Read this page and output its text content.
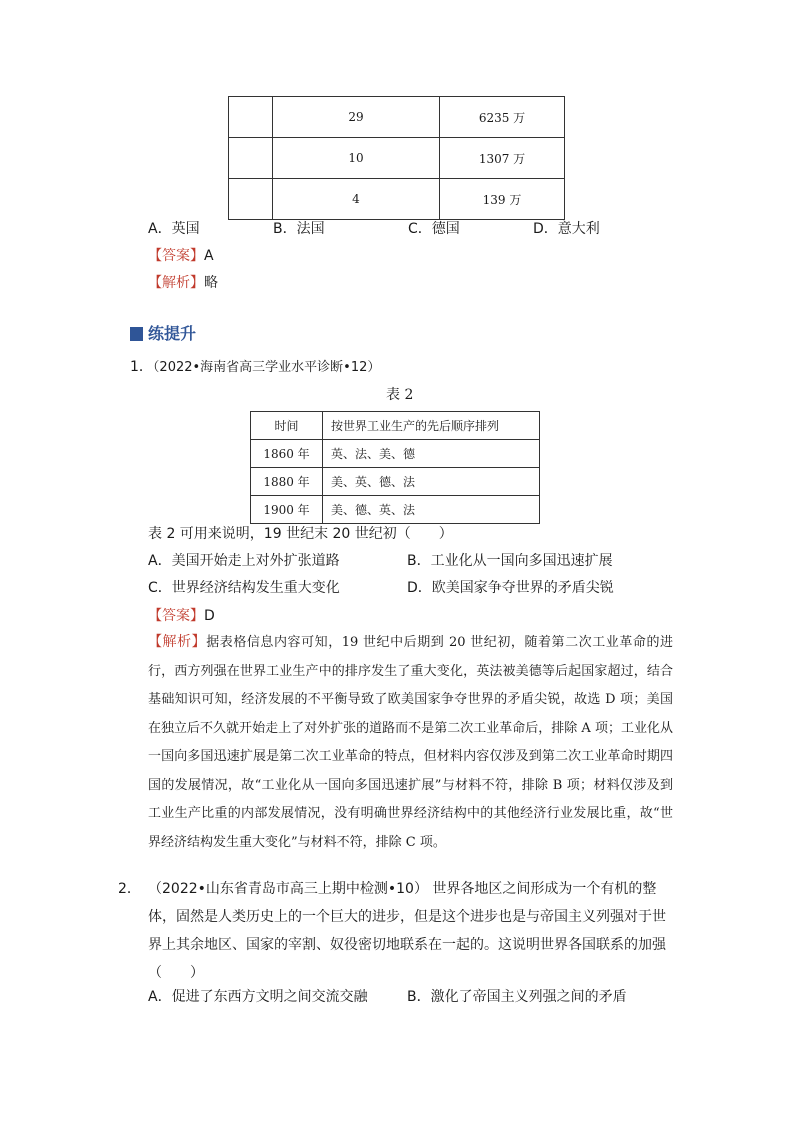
	29	6235 万
	10	1307 万
	4	139 万
A．英国	B．法国	C．德国	D．意大利
【答案】A
【解析】略
练提升
1．（2022•海南省高三学业水平诊断•12）
表 2
时间	按世界工业生产的先后顺序排列
1860 年	英、法、美、德
1880 年	美、英、德、法
1900 年	美、德、英、法
表 2 可用来说明，19 世纪末 20 世纪初（　　）
A．美国开始走上对外扩张道路	B．工业化从一国向多国迅速扩展
C．世界经济结构发生重大变化	D．欧美国家争夺世界的矛盾尖锐
【答案】D
【解析】据表格信息内容可知，19 世纪中后期到 20 世纪初，随着第二次工业革命的进行，西方列强在世界工业生产中的排序发生了重大变化，英法被美德等后起国家超过，结合基础知识可知，经济发展的不平衡导致了欧美国家争夺世界的矛盾尖锐，故选 D 项；美国在独立后不久就开始走上了对外扩张的道路而不是第二次工业革命后，排除 A 项；工业化从一国向多国迅速扩展是第二次工业革命的特点，但材料内容仅涉及到第二次工业革命时期四国的发展情况，故“工业化从一国向多国迅速扩展”与材料不符，排除 B 项；材料仅涉及到工业生产比重的内部发展情况，没有明确世界经济结构中的其他经济行业发展比重，故“世界经济结构发生重大变化”与材料不符，排除 C 项。
2． （2022•山东省青岛市高三上期中检测•10） 世界各地区之间形成为一个有机的整体，固然是人类历史上的一个巨大的进步，但是这个进步也是与帝国主义列强对于世界上其余地区、国家的宰割、奴役密切地联系在一起的。这说明世界各国联系的加强（　　）
A．促进了东西方文明之间交流交融	B．激化了帝国主义列强之间的矛盾
